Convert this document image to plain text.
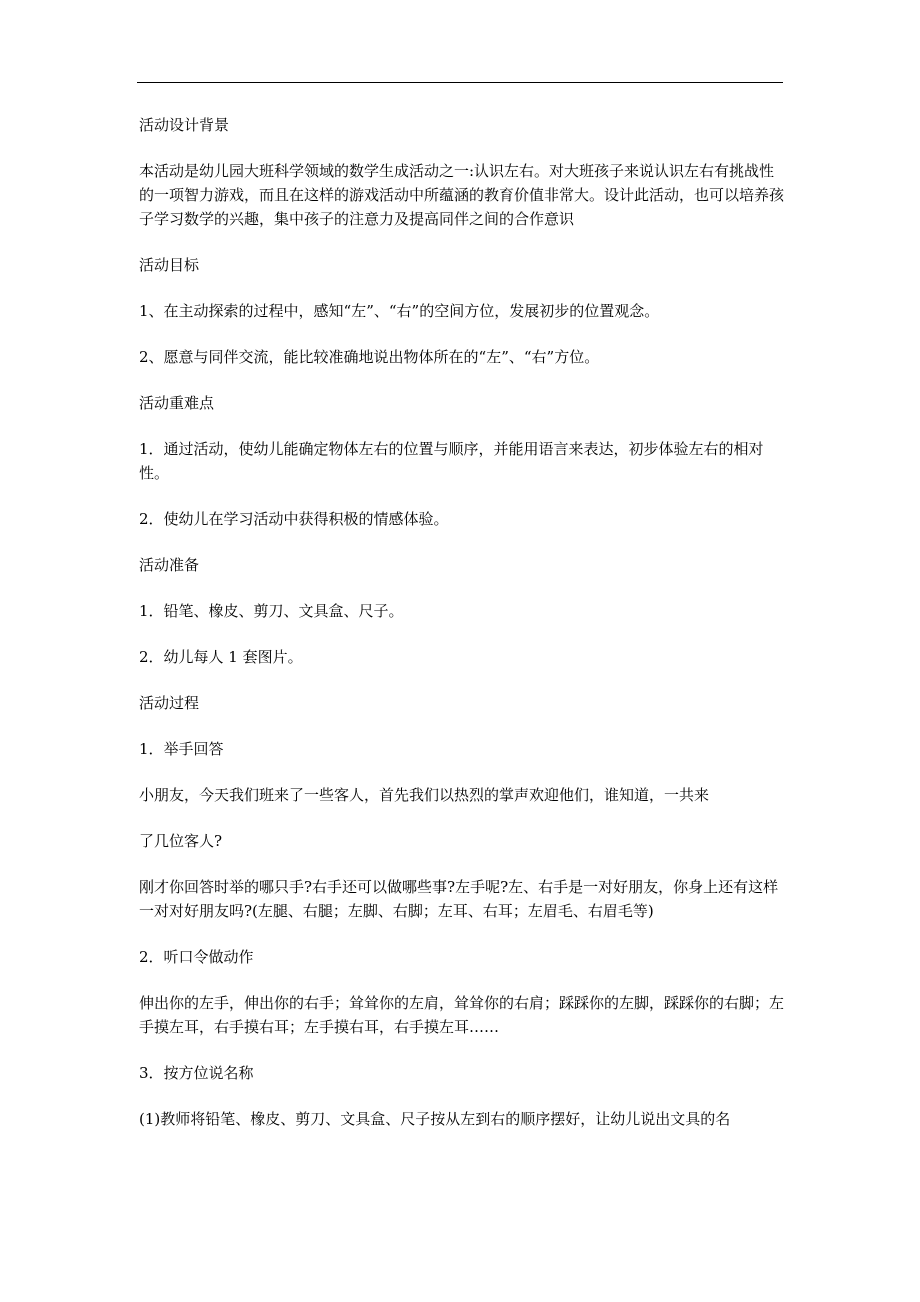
活动设计背景

本活动是幼儿园大班科学领域的数学生成活动之一:认识左右。对大班孩子来说认识左右有挑战性的一项智力游戏，而且在这样的游戏活动中所蕴涵的教育价值非常大。设计此活动，也可以培养孩子学习数学的兴趣，集中孩子的注意力及提高同伴之间的合作意识

活动目标

1、在主动探索的过程中，感知“左”、“右”的空间方位，发展初步的位置观念。

2、愿意与同伴交流，能比较准确地说出物体所在的“左”、“右”方位。

活动重难点

1．通过活动，使幼儿能确定物体左右的位置与顺序，并能用语言来表达，初步体验左右的相对性。

2．使幼儿在学习活动中获得积极的情感体验。

活动准备

1．铅笔、橡皮、剪刀、文具盒、尺子。

2．幼儿每人 1 套图片。

活动过程

1．举手回答

小朋友，今天我们班来了一些客人，首先我们以热烈的掌声欢迎他们，谁知道，一共来

了几位客人?

刚才你回答时举的哪只手?右手还可以做哪些事?左手呢?左、右手是一对好朋友，你身上还有这样一对对好朋友吗?(左腿、右腿；左脚、右脚；左耳、右耳；左眉毛、右眉毛等)

2．听口令做动作

伸出你的左手，伸出你的右手；耸耸你的左肩，耸耸你的右肩；踩踩你的左脚，踩踩你的右脚；左手摸左耳，右手摸右耳；左手摸右耳，右手摸左耳……

3．按方位说名称

(1)教师将铅笔、橡皮、剪刀、文具盒、尺子按从左到右的顺序摆好，让幼儿说出文具的名
